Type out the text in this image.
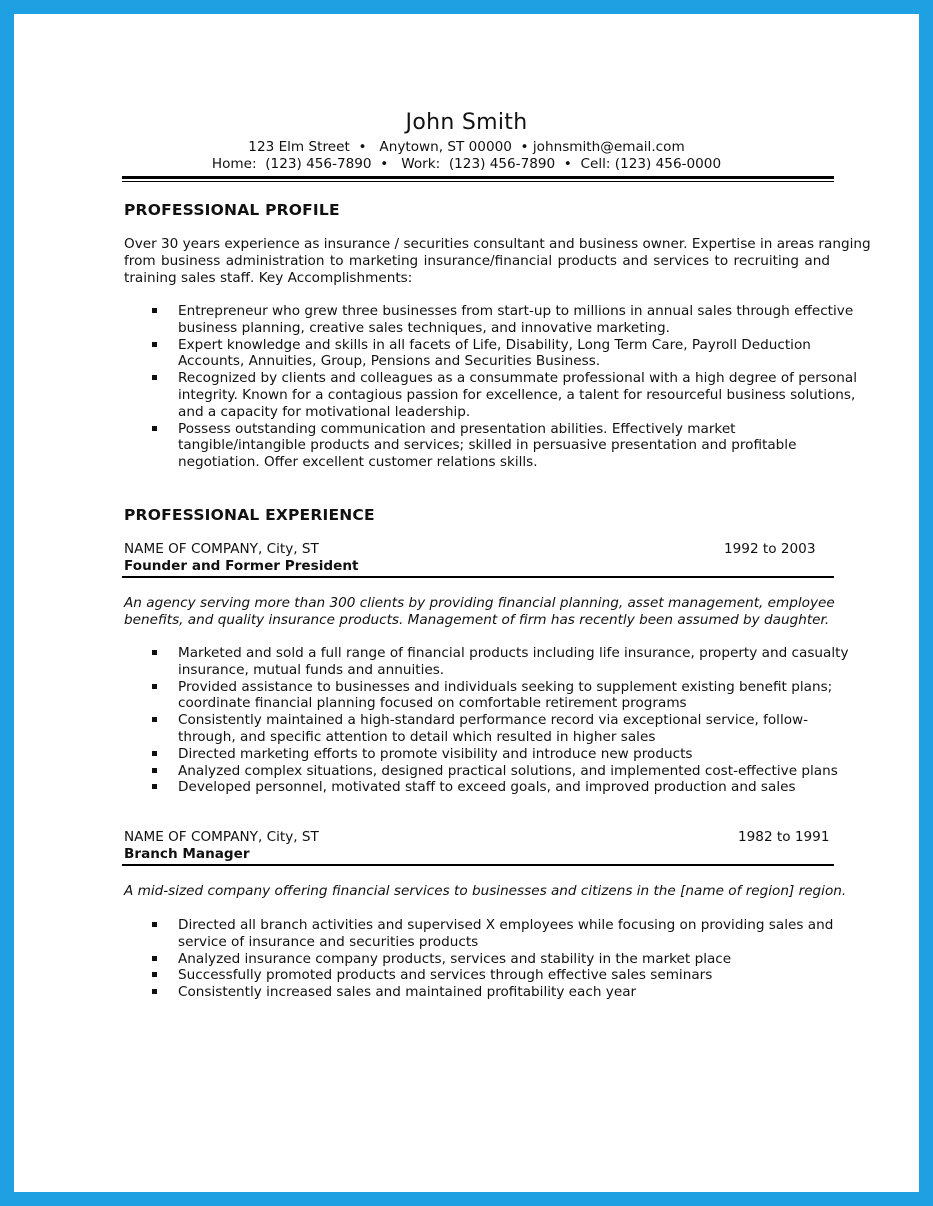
John Smith
123 Elm Street  •   Anytown, ST 00000  • johnsmith@email.com
Home:  (123) 456-7890  •   Work:  (123) 456-7890  •  Cell: (123) 456-0000
PROFESSIONAL PROFILE
Over 30 years experience as insurance / securities consultant and business owner. Expertise in areas ranging
from business administration to marketing insurance/financial products and services to recruiting and
training sales staff. Key Accomplishments:
Entrepreneur who grew three businesses from start-up to millions in annual sales through effective
business planning, creative sales techniques, and innovative marketing.
Expert knowledge and skills in all facets of Life, Disability, Long Term Care, Payroll Deduction
Accounts, Annuities, Group, Pensions and Securities Business.
Recognized by clients and colleagues as a consummate professional with a high degree of personal
integrity. Known for a contagious passion for excellence, a talent for resourceful business solutions,
and a capacity for motivational leadership.
Possess outstanding communication and presentation abilities. Effectively market
tangible/intangible products and services; skilled in persuasive presentation and profitable
negotiation. Offer excellent customer relations skills.
PROFESSIONAL EXPERIENCE
NAME OF COMPANY, City, ST	1992 to 2003
Founder and Former President
An agency serving more than 300 clients by providing financial planning, asset management, employee
benefits, and quality insurance products. Management of firm has recently been assumed by daughter.
Marketed and sold a full range of financial products including life insurance, property and casualty
insurance, mutual funds and annuities.
Provided assistance to businesses and individuals seeking to supplement existing benefit plans;
coordinate financial planning focused on comfortable retirement programs
Consistently maintained a high-standard performance record via exceptional service, follow-
through, and specific attention to detail which resulted in higher sales
Directed marketing efforts to promote visibility and introduce new products
Analyzed complex situations, designed practical solutions, and implemented cost-effective plans
Developed personnel, motivated staff to exceed goals, and improved production and sales
NAME OF COMPANY, City, ST	1982 to 1991
Branch Manager
A mid-sized company offering financial services to businesses and citizens in the [name of region] region.
Directed all branch activities and supervised X employees while focusing on providing sales and
service of insurance and securities products
Analyzed insurance company products, services and stability in the market place
Successfully promoted products and services through effective sales seminars
Consistently increased sales and maintained profitability each year
